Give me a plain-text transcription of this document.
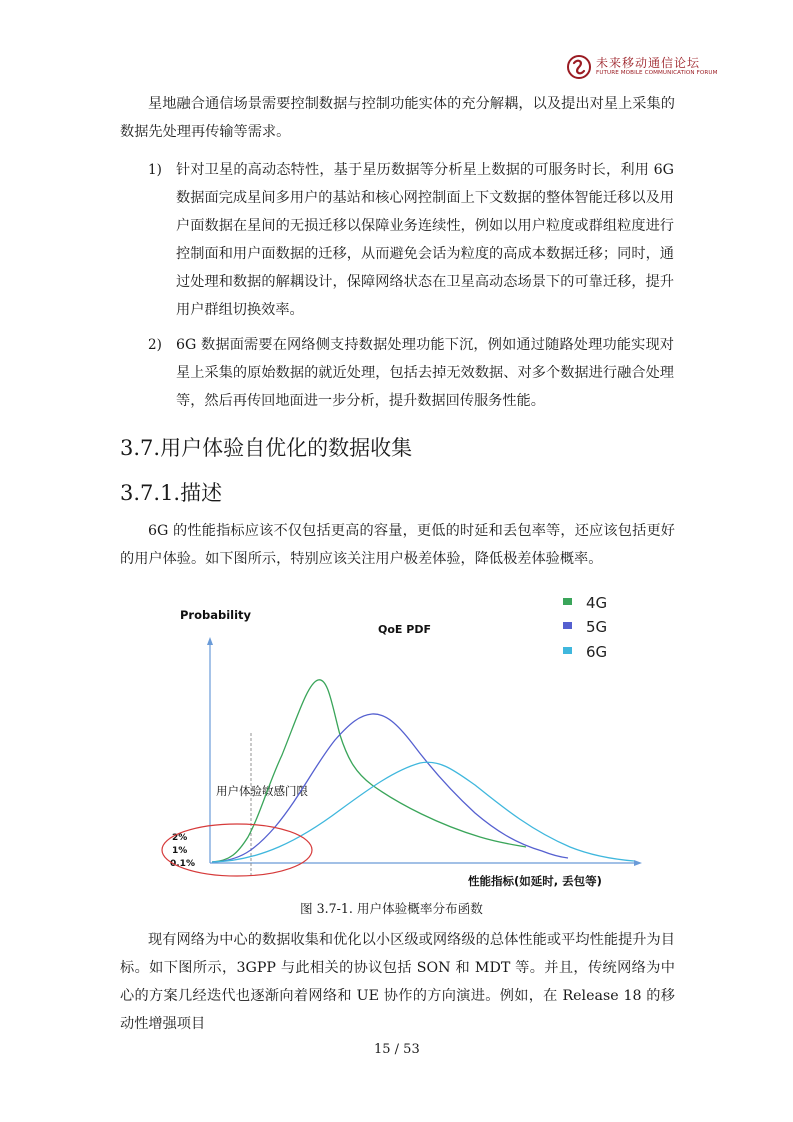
未来移动通信论坛
FUTURE MOBILE COMMUNICATION FORUM
星地融合通信场景需要控制数据与控制功能实体的充分解耦，以及提出对星上采集的数据先处理再传输等需求。
1) 针对卫星的高动态特性，基于星历数据等分析星上数据的可服务时长，利用 6G 数据面完成星间多用户的基站和核心网控制面上下文数据的整体智能迁移以及用户面数据在星间的无损迁移以保障业务连续性，例如以用户粒度或群组粒度进行控制面和用户面数据的迁移，从而避免会话为粒度的高成本数据迁移；同时，通过处理和数据的解耦设计，保障网络状态在卫星高动态场景下的可靠迁移，提升用户群组切换效率。
2) 6G 数据面需要在网络侧支持数据处理功能下沉，例如通过随路处理功能实现对星上采集的原始数据的就近处理，包括去掉无效数据、对多个数据进行融合处理等，然后再传回地面进一步分析，提升数据回传服务性能。
3.7.用户体验自优化的数据收集
3.7.1.描述
6G 的性能指标应该不仅包括更高的容量，更低的时延和丢包率等，还应该包括更好的用户体验。如下图所示，特别应该关注用户极差体验，降低极差体验概率。
Probability
QoE PDF
用户体验敏感门限
2%
1%
0.1%
性能指标(如延时, 丢包等)
4G
5G
6G
图 3.7-1. 用户体验概率分布函数
现有网络为中心的数据收集和优化以小区级或网络级的总体性能或平均性能提升为目标。如下图所示，3GPP 与此相关的协议包括 SON 和 MDT 等。并且，传统网络为中心的方案几经迭代也逐渐向着网络和 UE 协作的方向演进。例如，在 Release 18 的移动性增强项目
15 / 53
